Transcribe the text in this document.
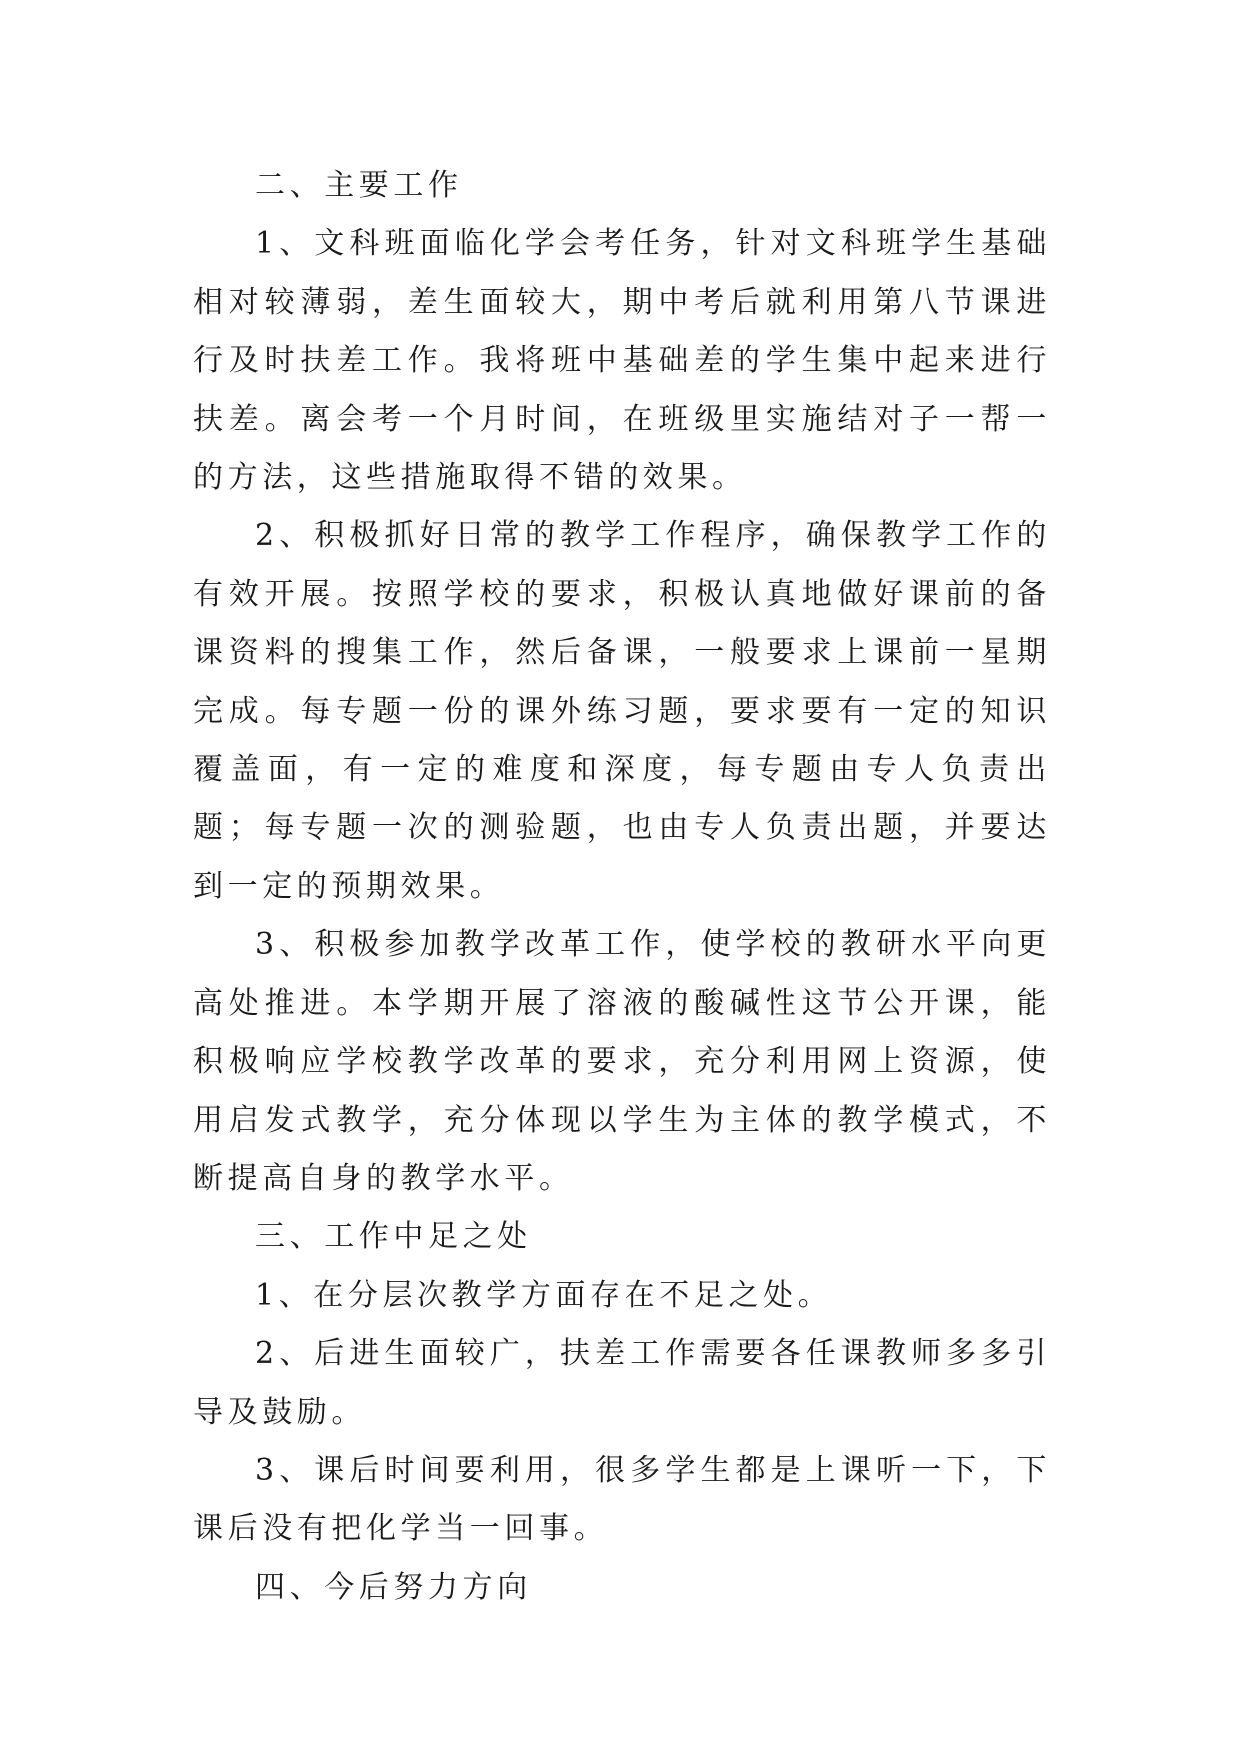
二、主要工作

1、文科班面临化学会考任务，针对文科班学生基础相对较薄弱，差生面较大，期中考后就利用第八节课进行及时扶差工作。我将班中基础差的学生集中起来进行扶差。离会考一个月时间，在班级里实施结对子一帮一的方法，这些措施取得不错的效果。

2、积极抓好日常的教学工作程序，确保教学工作的有效开展。按照学校的要求，积极认真地做好课前的备课资料的搜集工作，然后备课，一般要求上课前一星期完成。每专题一份的课外练习题，要求要有一定的知识覆盖面，有一定的难度和深度，每专题由专人负责出题；每专题一次的测验题，也由专人负责出题，并要达到一定的预期效果。

3、积极参加教学改革工作，使学校的教研水平向更高处推进。本学期开展了溶液的酸碱性这节公开课，能积极响应学校教学改革的要求，充分利用网上资源，使用启发式教学，充分体现以学生为主体的教学模式，不断提高自身的教学水平。

三、工作中足之处

1、在分层次教学方面存在不足之处。

2、后进生面较广，扶差工作需要各任课教师多多引导及鼓励。

3、课后时间要利用，很多学生都是上课听一下，下课后没有把化学当一回事。

四、今后努力方向
